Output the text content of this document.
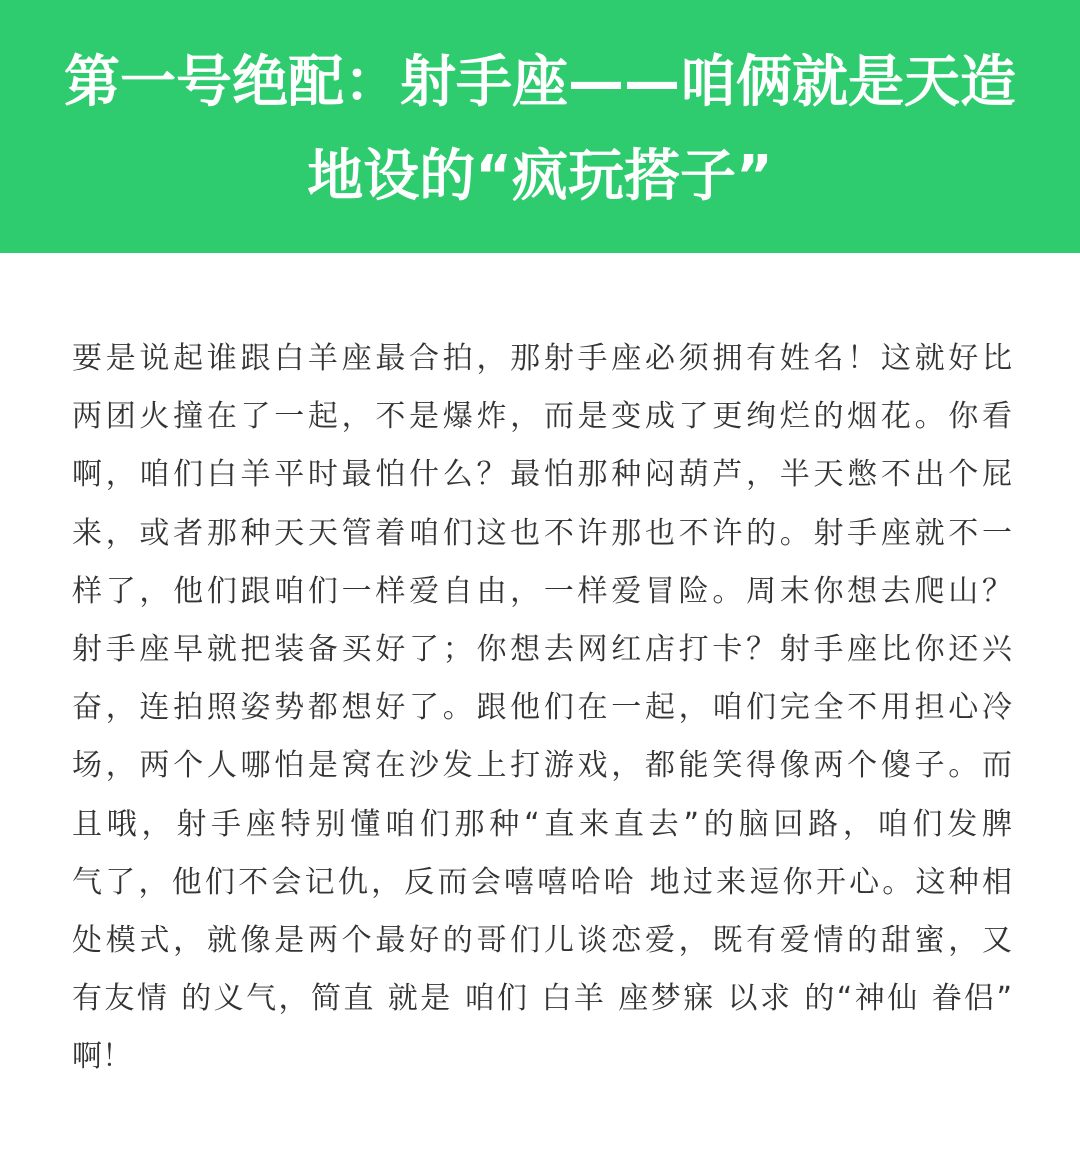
第一号绝配：射手座——咱俩就是天造
地设的“疯玩搭子”
要是说起谁跟白羊座最合拍，那射手座必须拥有姓名！这就好比
两团火撞在了一起，不是爆炸，而是变成了更绚烂的烟花。你看
啊，咱们白羊平时最怕什么？最怕那种闷葫芦，半天憋不出个屁
来，或者那种天天管着咱们这也不许那也不许的。射手座就不一
样了，他们跟咱们一样爱自由，一样爱冒险。周末你想去爬山？
射手座早就把装备买好了；你想去网红店打卡？射手座比你还兴
奋，连拍照姿势都想好了。跟他们在一起，咱们完全不用担心冷
场，两个人哪怕是窝在沙发上打游戏，都能笑得像两个傻子。而
且哦，射手座特别懂咱们那种“直来直去”的脑回路，咱们发脾
气了，他们不会记仇，反而会嘻嘻哈哈 地过来逗你开心。这种相
处模式，就像是两个最好的哥们儿谈恋爱，既有爱情的甜蜜，又
有友情 的义气，简直 就是 咱们 白羊 座梦寐 以求 的“神仙 眷侣”
啊！
